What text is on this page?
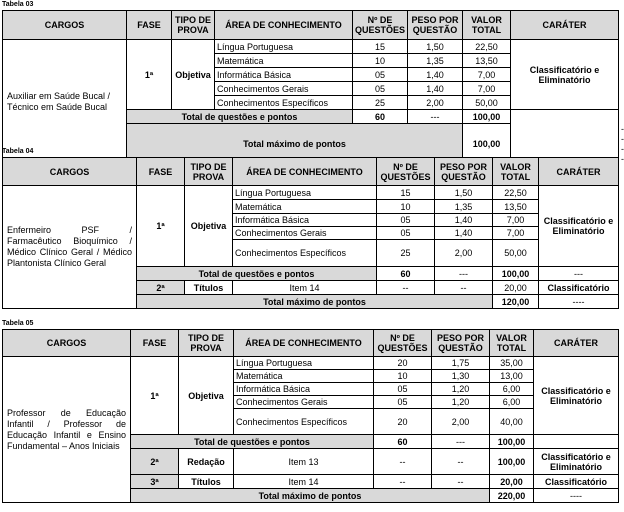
Tabela 03
CARGOS	FASE	TIPO DE PROVA	ÁREA DE CONHECIMENTO	Nº DE QUESTÕES	PESO POR QUESTÃO	VALOR TOTAL	CARÁTER	
Auxiliar em Saúde Bucal / Técnico em Saúde Bucal	1ª	Objetiva	Língua Portuguesa	15	1,50	22,50	Classificatório e Eliminatório	
			Matemática	10	1,35	13,50		
			Informática Básica	05	1,40	7,00		
			Conhecimentos Gerais	05	1,40	7,00		
			Conhecimentos Específicos	25	2,00	50,00		
	Total de questões e pontos			60	---	100,00		
	Total máximo de pontos					100,00		----
Tabela 04
CARGOS	FASE	TIPO DE PROVA	ÁREA DE CONHECIMENTO	Nº DE QUESTÕES	PESO POR QUESTÃO	VALOR TOTAL	CARÁTER
Enfermeiro PSF / Farmacêutico Bioquímico / Médico Clínico Geral / Médico Plantonista Clínico Geral	1ª	Objetiva	Língua Portuguesa	15	1,50	22,50	Classificatório e Eliminatório
			Matemática	10	1,35	13,50	
			Informática Básica	05	1,40	7,00	
			Conhecimentos Gerais	05	1,40	7,00	
			Conhecimentos Específicos	25	2,00	50,00	
	Total de questões e pontos			60	---	100,00	---
	2ª	Títulos	Item 14	--	--	20,00	Classificatório
	Total máximo de pontos					120,00	----
Tabela 05
CARGOS	FASE	TIPO DE PROVA	ÁREA DE CONHECIMENTO	Nº DE QUESTÕES	PESO POR QUESTÃO	VALOR TOTAL	CARÁTER
Professor de Educação Infantil / Professor de Educação Infantil e Ensino Fundamental – Anos Iniciais	1ª	Objetiva	Língua Portuguesa	20	1,75	35,00	Classificatório e Eliminatório
			Matemática	10	1,30	13,00	
			Informática Básica	05	1,20	6,00	
			Conhecimentos Gerais	05	1,20	6,00	
			Conhecimentos Específicos	20	2,00	40,00	
	Total de questões e pontos			60	---	100,00	
	2ª	Redação	Item 13	--	--	100,00	Classificatório e Eliminatório
	3ª	Títulos	Item 14	--	--	20,00	Classificatório
	Total máximo de pontos					220,00	----
